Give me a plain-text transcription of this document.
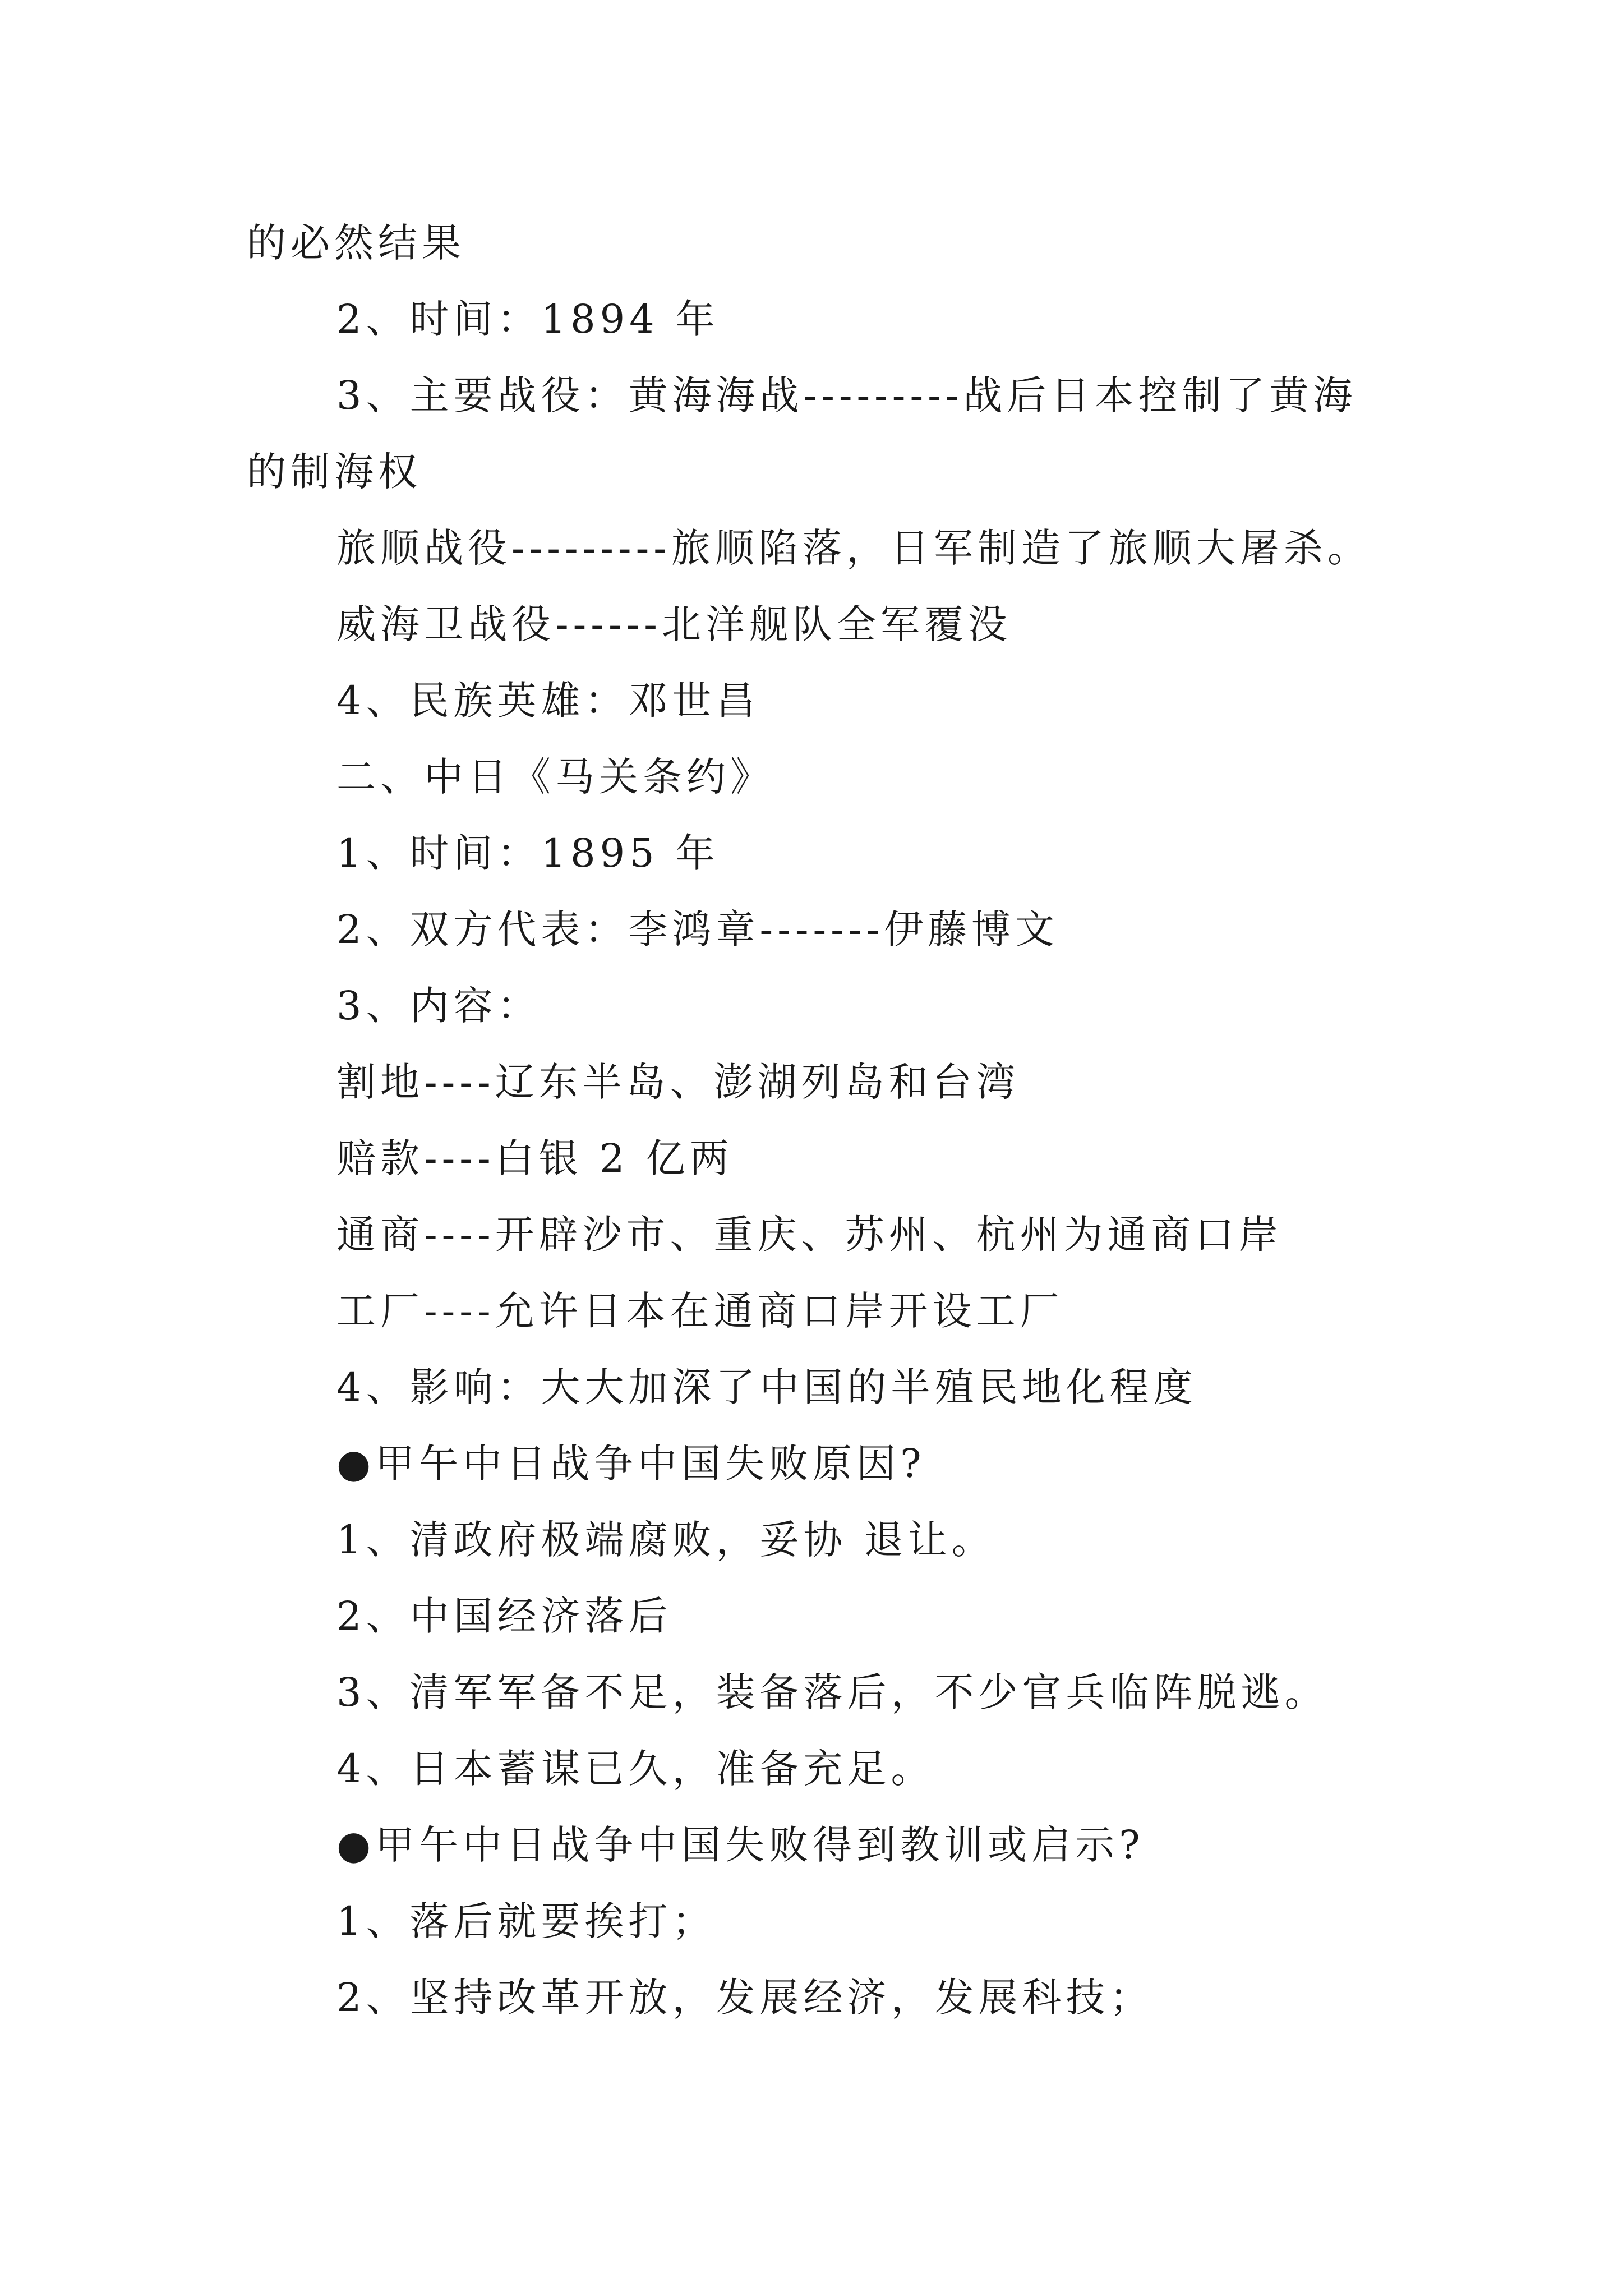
的必然结果
2、时间：1894 年
3、主要战役：黄海海战---------战后日本控制了黄海
的制海权
旅顺战役---------旅顺陷落，日军制造了旅顺大屠杀。
威海卫战役------北洋舰队全军覆没
4、民族英雄：邓世昌
二、中日《马关条约》
1、时间：1895 年
2、双方代表：李鸿章-------伊藤博文
3、内容：
割地----辽东半岛、澎湖列岛和台湾
赔款----白银 2 亿两
通商----开辟沙市、重庆、苏州、杭州为通商口岸
工厂----允许日本在通商口岸开设工厂
4、影响：大大加深了中国的半殖民地化程度
●甲午中日战争中国失败原因?
1、清政府极端腐败，妥协 退让。
2、中国经济落后
3、清军军备不足，装备落后，不少官兵临阵脱逃。
4、日本蓄谋已久，准备充足。
●甲午中日战争中国失败得到教训或启示?
1、落后就要挨打；
2、坚持改革开放，发展经济，发展科技；
